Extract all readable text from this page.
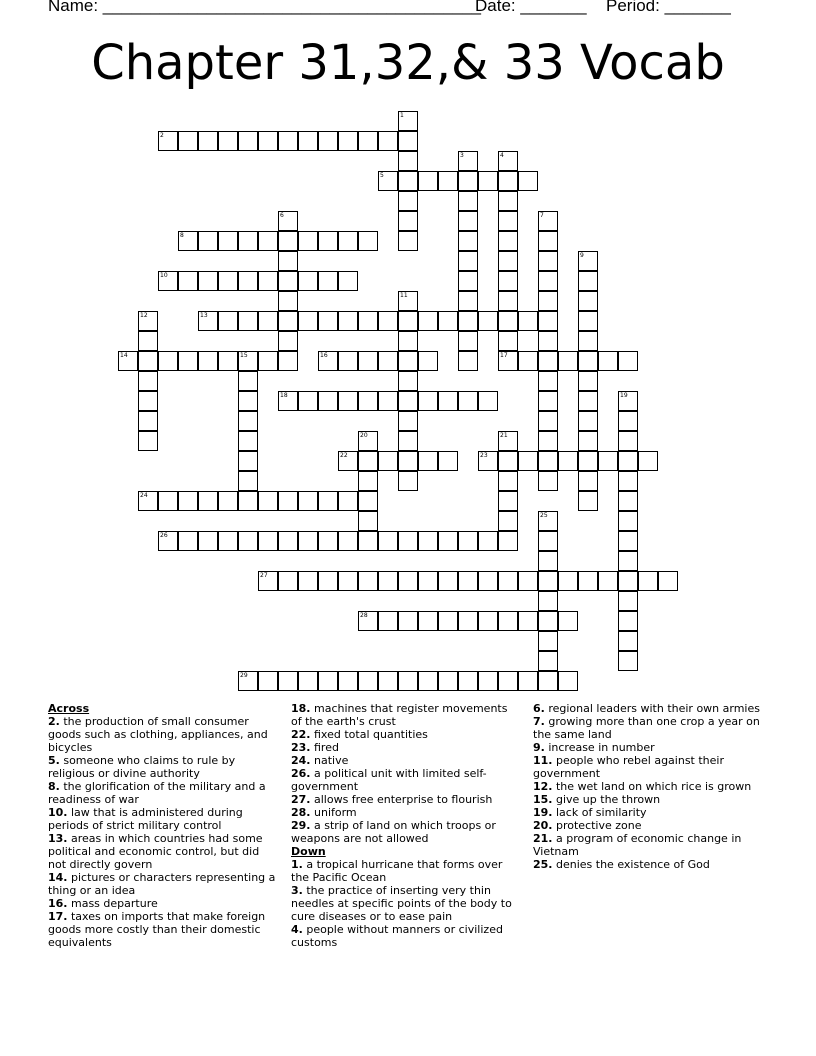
Name: ________________________________________
Date: _______ Period: _______
Chapter 31,32,& 33 Vocab
1
2
3	4
5
6	7
8
9
10
11
12	13
14	15	16	17
18	19
20	21
22	23
24
25
26
27
28
29
Across
2. the production of small consumer goods such as clothing, appliances, and bicycles
5. someone who claims to rule by religious or divine authority
8. the glorification of the military and a readiness of war
10. law that is administered during periods of strict military control
13. areas in which countries had some political and economic control, but did not directly govern
14. pictures or characters representing a thing or an idea
16. mass departure
17. taxes on imports that make foreign goods more costly than their domestic equivalents
18. machines that register movements of the earth's crust
22. fixed total quantities
23. fired
24. native
26. a political unit with limited self-government
27. allows free enterprise to flourish
28. uniform
29. a strip of land on which troops or weapons are not allowed
Down
1. a tropical hurricane that forms over the Pacific Ocean
3. the practice of inserting very thin needles at specific points of the body to cure diseases or to ease pain
4. people without manners or civilized customs
6. regional leaders with their own armies
7. growing more than one crop a year on the same land
9. increase in number
11. people who rebel against their government
12. the wet land on which rice is grown
15. give up the thrown
19. lack of similarity
20. protective zone
21. a program of economic change in Vietnam
25. denies the existence of God
